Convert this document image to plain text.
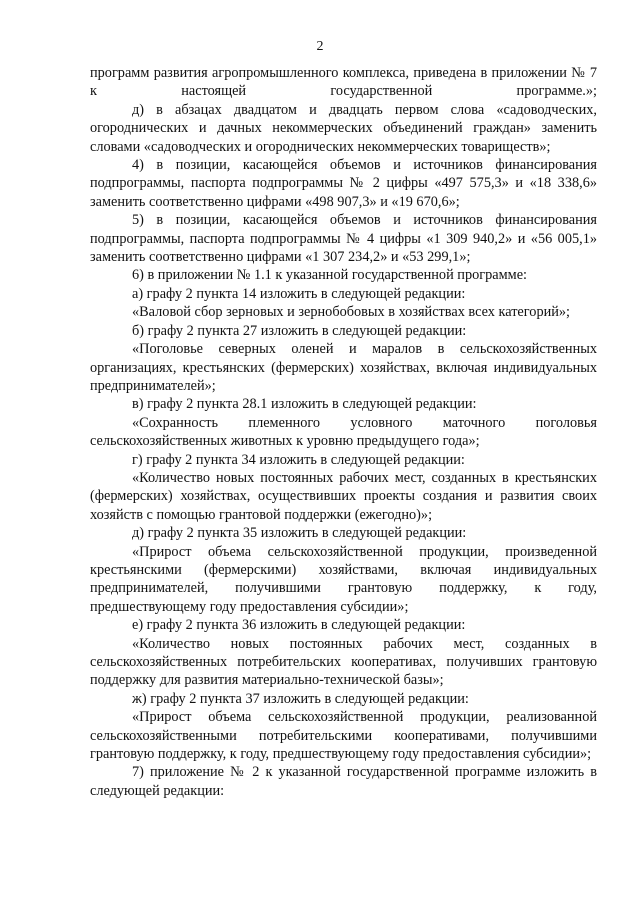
2

программ развития агропромышленного комплекса, приведена в приложении № 7 к настоящей государственной программе.»;

д) в абзацах двадцатом и двадцать первом слова «садоводческих, огороднических и дачных некоммерческих объединений граждан» заменить словами «садоводческих и огороднических некоммерческих товариществ»;

4) в позиции, касающейся объемов и источников финансирования подпрограммы, паспорта подпрограммы № 2 цифры «497 575,3» и «18 338,6» заменить соответственно цифрами «498 907,3» и «19 670,6»;

5) в позиции, касающейся объемов и источников финансирования подпрограммы, паспорта подпрограммы № 4 цифры «1 309 940,2» и «56 005,1» заменить соответственно цифрами «1 307 234,2» и «53 299,1»;

6) в приложении № 1.1 к указанной государственной программе:

а) графу 2 пункта 14 изложить в следующей редакции:

«Валовой сбор зерновых и зернобобовых в хозяйствах всех категорий»;

б) графу 2 пункта 27 изложить в следующей редакции:

«Поголовье северных оленей и маралов в сельскохозяйственных организациях, крестьянских (фермерских) хозяйствах, включая индивидуальных предпринимателей»;

в) графу 2 пункта 28.1 изложить в следующей редакции:

«Сохранность племенного условного маточного поголовья сельскохозяйственных животных к уровню предыдущего года»;

г) графу 2 пункта 34 изложить в следующей редакции:

«Количество новых постоянных рабочих мест, созданных в крестьянских (фермерских) хозяйствах, осуществивших проекты создания и развития своих хозяйств с помощью грантовой поддержки (ежегодно)»;

д) графу 2 пункта 35 изложить в следующей редакции:

«Прирост объема сельскохозяйственной продукции, произведенной крестьянскими (фермерскими) хозяйствами, включая индивидуальных предпринимателей, получившими грантовую поддержку, к году, предшествующему году предоставления субсидии»;

е) графу 2 пункта 36 изложить в следующей редакции:

«Количество новых постоянных рабочих мест, созданных в сельскохозяйственных потребительских кооперативах, получивших грантовую поддержку для развития материально-технической базы»;

ж) графу 2 пункта 37 изложить в следующей редакции:

«Прирост объема сельскохозяйственной продукции, реализованной сельскохозяйственными потребительскими кооперативами, получившими грантовую поддержку, к году, предшествующему году предоставления субсидии»;

7) приложение № 2 к указанной государственной программе изложить в следующей редакции:
